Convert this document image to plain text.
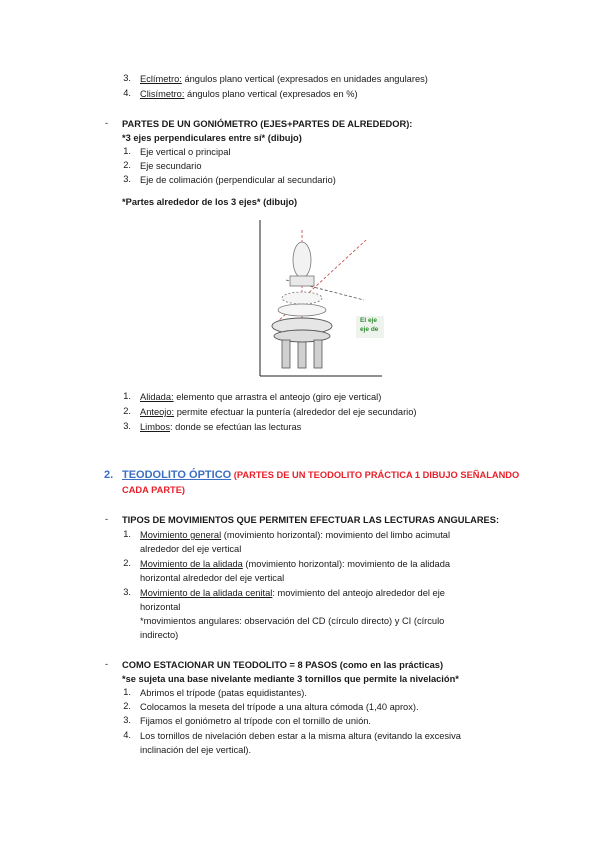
3. Eclímetro: ángulos plano vertical (expresados en unidades angulares)
4. Clisímetro: ángulos plano vertical (expresados en %)
- PARTES DE UN GONIÓMETRO (EJES+PARTES DE ALREDEDOR):
*3 ejes perpendiculares entre sí* (dibujo)
1. Eje vertical o principal
2. Eje secundario
3. Eje de colimación (perpendicular al secundario)
*Partes alrededor de los 3 ejes* (dibujo)
El eje
eje de
1. Alidada: elemento que arrastra el anteojo (giro eje vertical)
2. Anteojo: permite efectuar la puntería (alrededor del eje secundario)
3. Limbos: donde se efectúan las lecturas
2. TEODOLITO ÓPTICO (PARTES DE UN TEODOLITO PRÁCTICA 1 DIBUJO SEÑALANDO
CADA PARTE)
- TIPOS DE MOVIMIENTOS QUE PERMITEN EFECTUAR LAS LECTURAS ANGULARES:
1. Movimiento general (movimiento horizontal): movimiento del limbo acimutal
alrededor del eje vertical
2. Movimiento de la alidada (movimiento horizontal): movimiento de la alidada
horizontal alrededor del eje vertical
3. Movimiento de la alidada cenital: movimiento del anteojo alrededor del eje
horizontal
*movimientos angulares: observación del CD (círculo directo) y CI (círculo
indirecto)
- COMO ESTACIONAR UN TEODOLITO = 8 PASOS (como en las prácticas)
*se sujeta una base nivelante mediante 3 tornillos que permite la nivelación*
1. Abrimos el trípode (patas equidistantes).
2. Colocamos la meseta del trípode a una altura cómoda (1,40 aprox).
3. Fijamos el goniómetro al trípode con el tornillo de unión.
4. Los tornillos de nivelación deben estar a la misma altura (evitando la excesiva
inclinación del eje vertical).
